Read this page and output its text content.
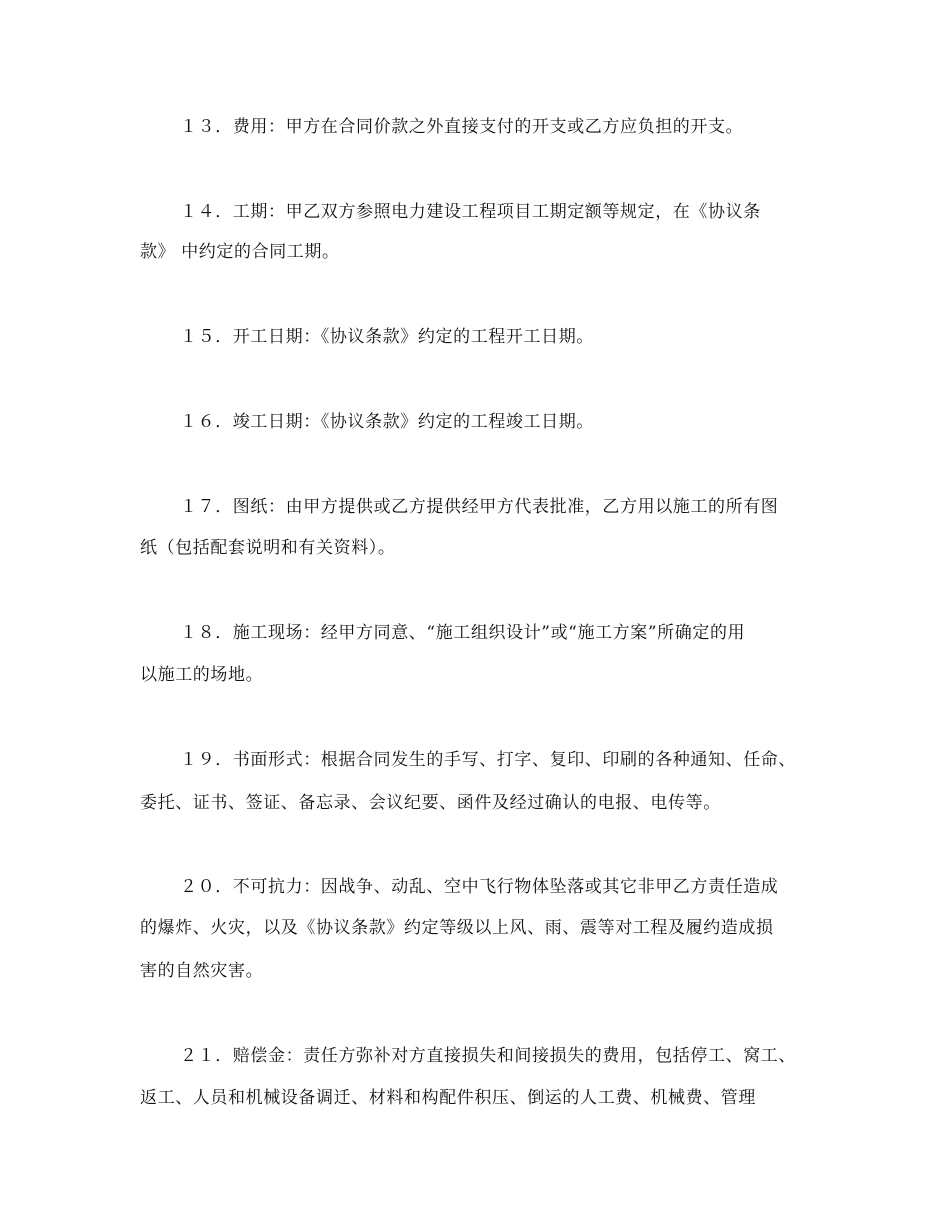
１３．费用：甲方在合同价款之外直接支付的开支或乙方应负担的开支。
１４．工期：甲乙双方参照电力建设工程项目工期定额等规定，在《协议条
款》 中约定的合同工期。
１５．开工日期：《协议条款》约定的工程开工日期。
１６．竣工日期：《协议条款》约定的工程竣工日期。
１７．图纸：由甲方提供或乙方提供经甲方代表批准，乙方用以施工的所有图
纸（包括配套说明和有关资料）。
１８．施工现场：经甲方同意、“施工组织设计”或“施工方案”所确定的用
以施工的场地。
１９．书面形式：根据合同发生的手写、打字、复印、印刷的各种通知、任命、
委托、证书、签证、备忘录、会议纪要、函件及经过确认的电报、电传等。
２０．不可抗力：因战争、动乱、空中飞行物体坠落或其它非甲乙方责任造成
的爆炸、火灾，以及《协议条款》约定等级以上风、雨、震等对工程及履约造成损
害的自然灾害。
２１．赔偿金：责任方弥补对方直接损失和间接损失的费用，包括停工、窝工、
返工、人员和机械设备调迁、材料和构配件积压、倒运的人工费、机械费、管理
